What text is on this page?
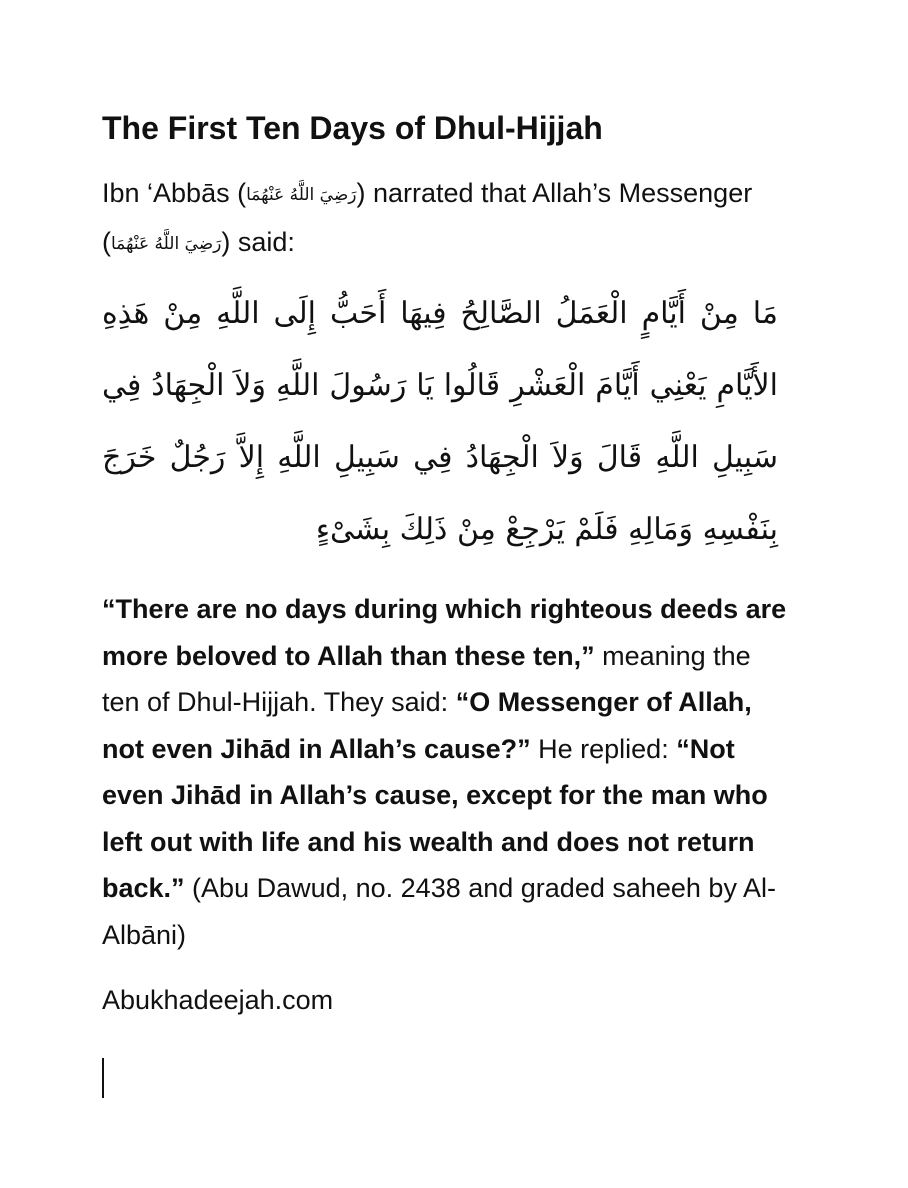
The First Ten Days of Dhul-Hijjah

Ibn ‘Abbās (رَضِيَ اللَّهُ عَنْهُمَا) narrated that Allah’s Messenger (رَضِيَ اللَّهُ عَنْهُمَا) said:

مَا مِنْ أَيَّامٍ الْعَمَلُ الصَّالِحُ فِيهَا أَحَبُّ إِلَى اللَّهِ مِنْ هَذِهِ الأَيَّامِ يَعْنِي أَيَّامَ الْعَشْرِ قَالُوا يَا رَسُولَ اللَّهِ وَلاَ الْجِهَادُ فِي سَبِيلِ اللَّهِ قَالَ وَلاَ الْجِهَادُ فِي سَبِيلِ اللَّهِ إِلاَّ رَجُلٌ خَرَجَ بِنَفْسِهِ وَمَالِهِ فَلَمْ يَرْجِعْ مِنْ ذَلِكَ بِشَىْءٍ

“There are no days during which righteous deeds are more beloved to Allah than these ten,” meaning the ten of Dhul-Hijjah. They said: “O Messenger of Allah, not even Jihād in Allah’s cause?” He replied: “Not even Jihād in Allah’s cause, except for the man who left out with life and his wealth and does not return back.” (Abu Dawud, no. 2438 and graded saheeh by Al-Albāni)

Abukhadeejah.com
